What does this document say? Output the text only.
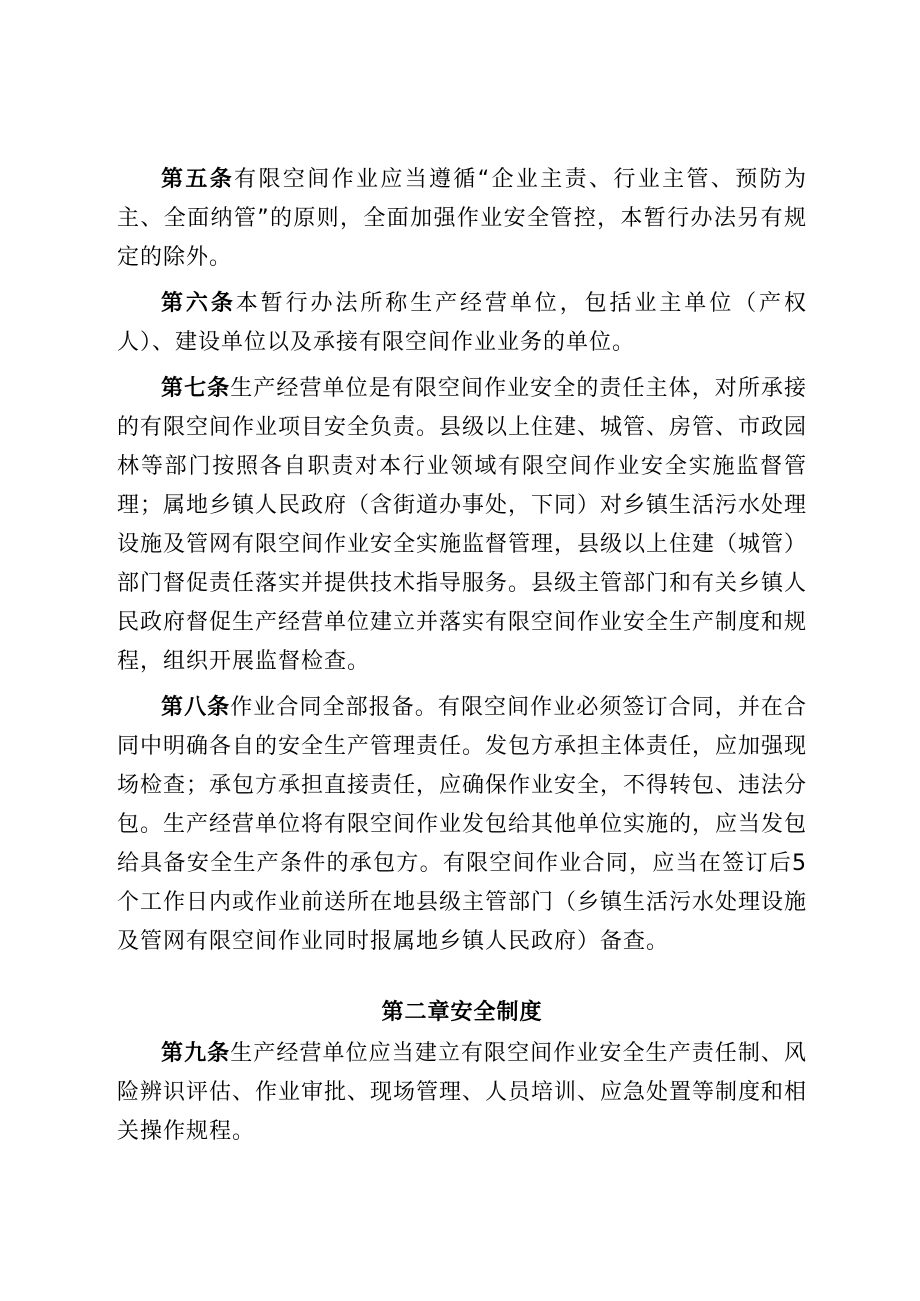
第五条有限空间作业应当遵循“企业主责、行业主管、预防为主、全面纳管”的原则，全面加强作业安全管控，本暂行办法另有规定的除外。

第六条本暂行办法所称生产经营单位，包括业主单位（产权人）、建设单位以及承接有限空间作业业务的单位。

第七条生产经营单位是有限空间作业安全的责任主体，对所承接的有限空间作业项目安全负责。县级以上住建、城管、房管、市政园林等部门按照各自职责对本行业领域有限空间作业安全实施监督管理；属地乡镇人民政府（含街道办事处，下同）对乡镇生活污水处理设施及管网有限空间作业安全实施监督管理，县级以上住建（城管）部门督促责任落实并提供技术指导服务。县级主管部门和有关乡镇人民政府督促生产经营单位建立并落实有限空间作业安全生产制度和规程，组织开展监督检查。

第八条作业合同全部报备。有限空间作业必须签订合同，并在合同中明确各自的安全生产管理责任。发包方承担主体责任，应加强现场检查；承包方承担直接责任，应确保作业安全，不得转包、违法分包。生产经营单位将有限空间作业发包给其他单位实施的，应当发包给具备安全生产条件的承包方。有限空间作业合同，应当在签订后5个工作日内或作业前送所在地县级主管部门（乡镇生活污水处理设施及管网有限空间作业同时报属地乡镇人民政府）备查。

第二章安全制度

第九条生产经营单位应当建立有限空间作业安全生产责任制、风险辨识评估、作业审批、现场管理、人员培训、应急处置等制度和相关操作规程。
